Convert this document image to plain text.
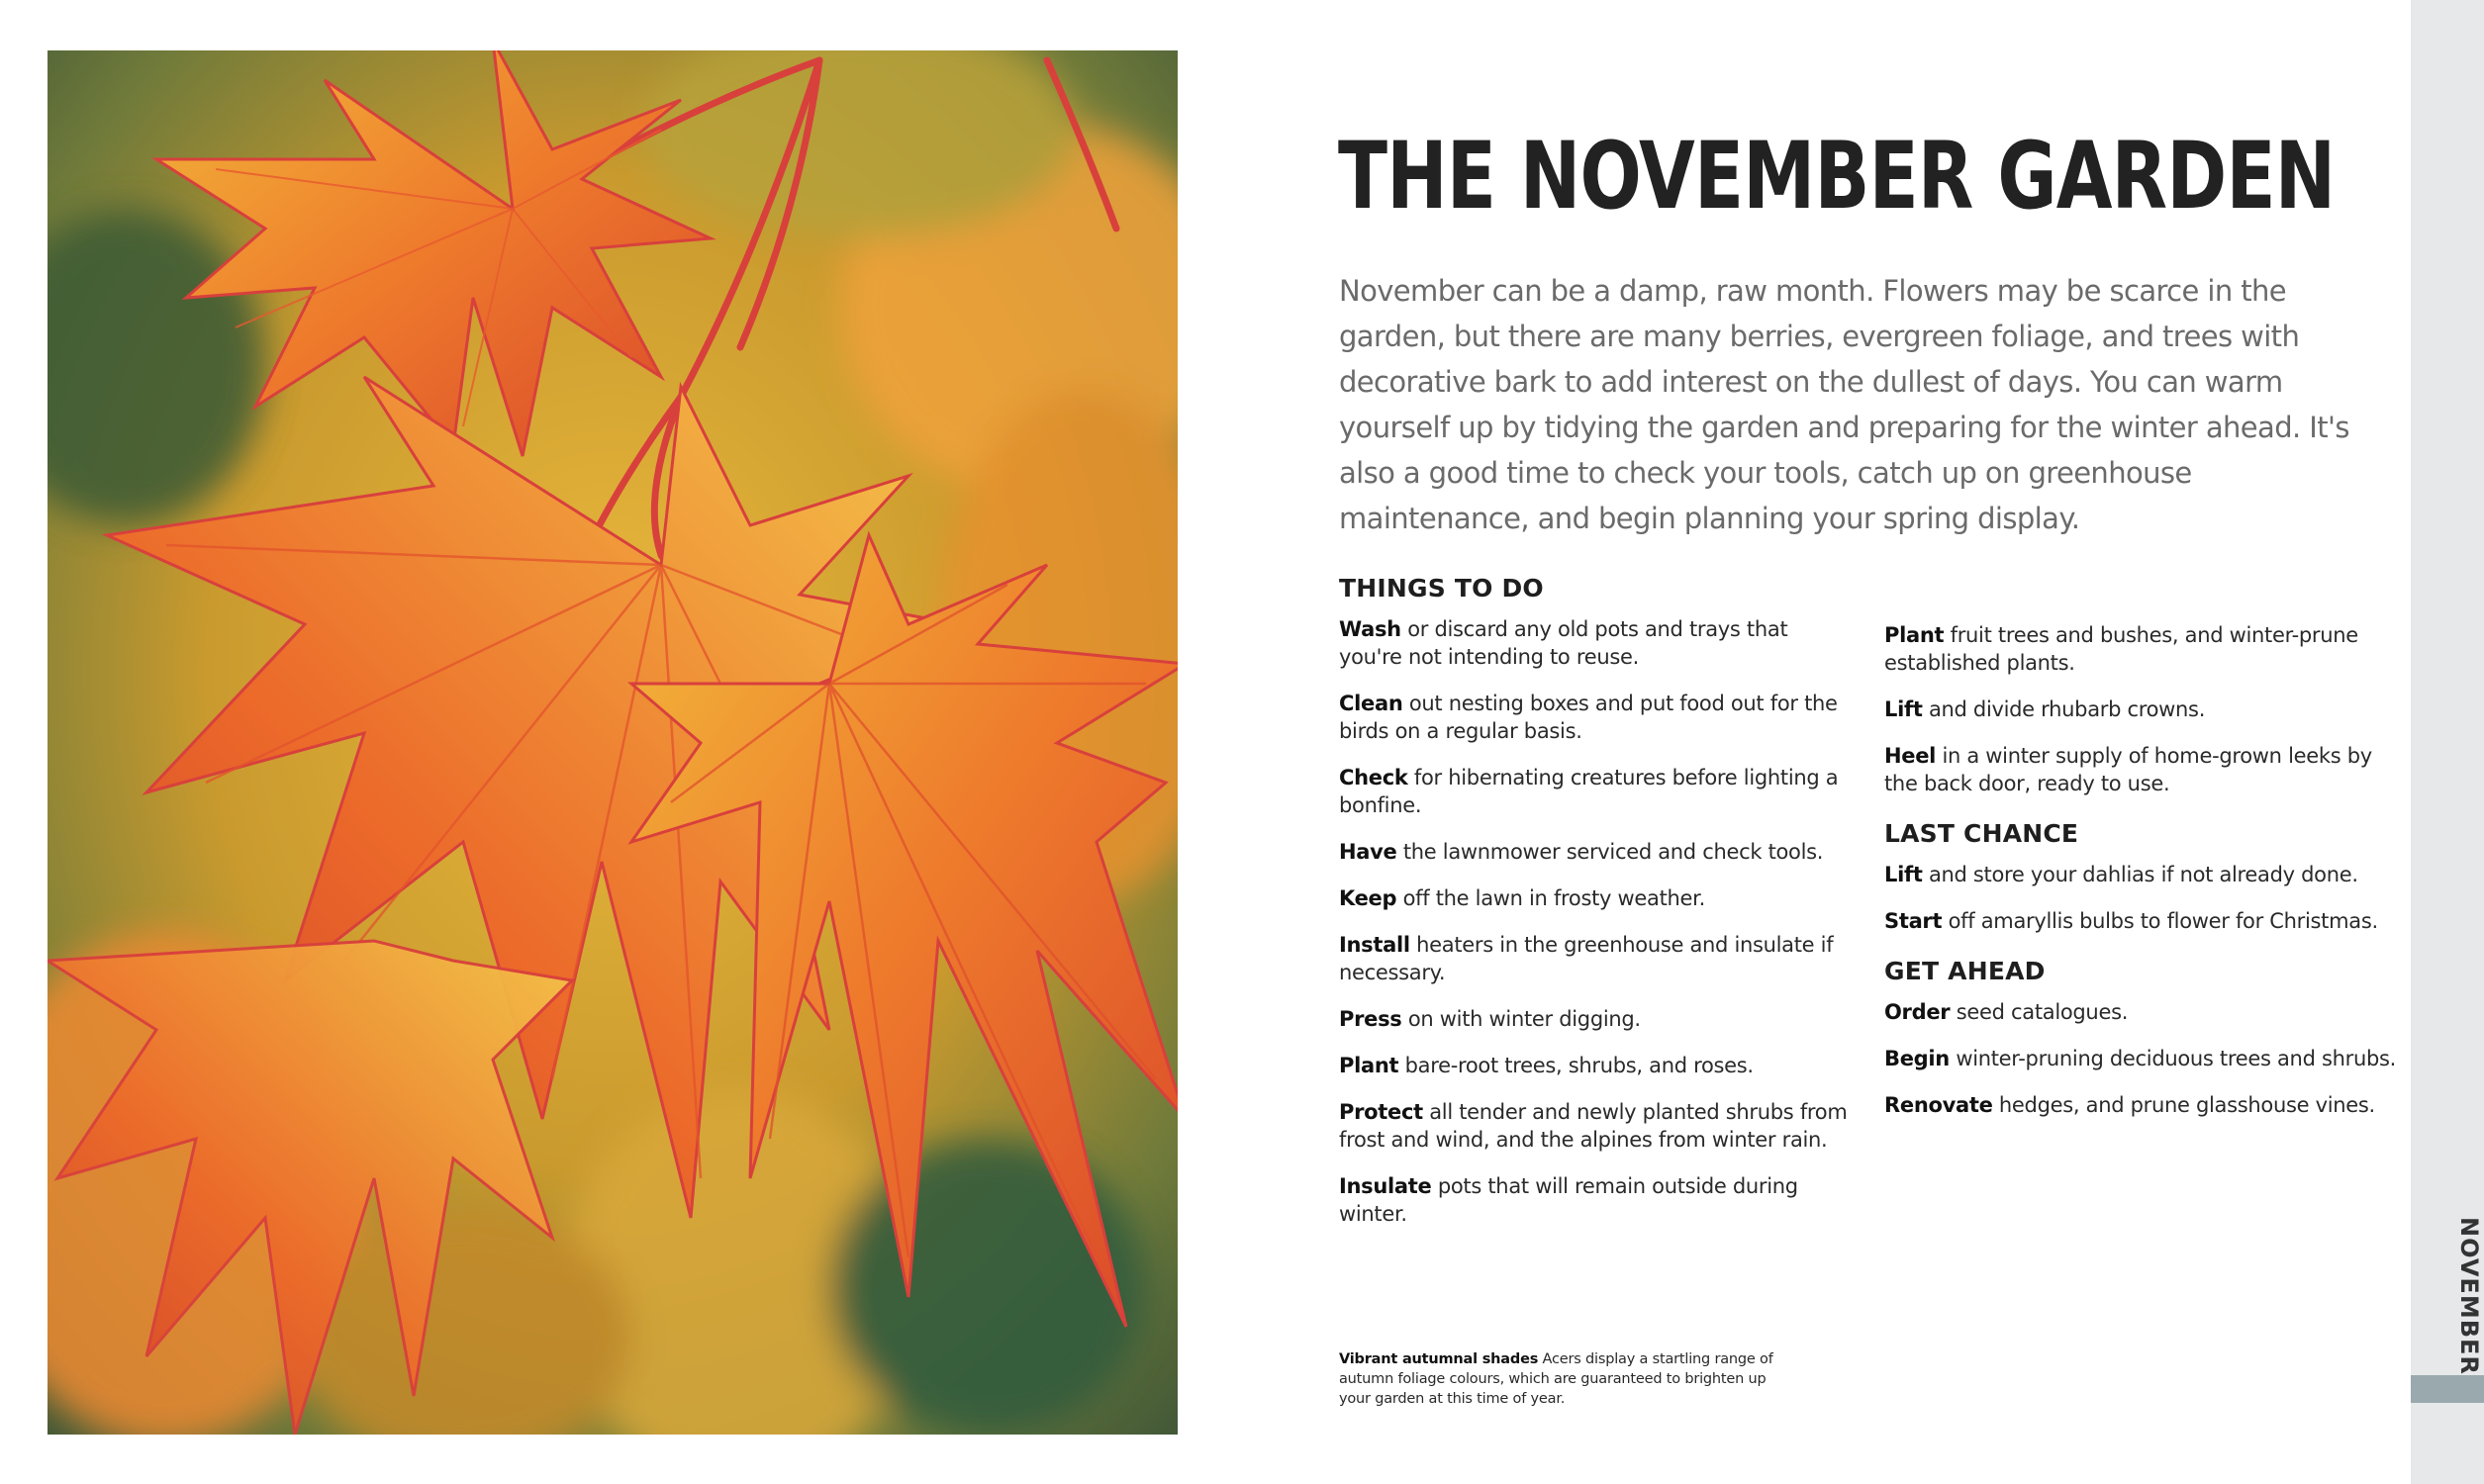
THE NOVEMBER GARDEN

November can be a damp, raw month. Flowers may be scarce in the garden, but there are many berries, evergreen foliage, and trees with decorative bark to add interest on the dullest of days. You can warm yourself up by tidying the garden and preparing for the winter ahead. It's also a good time to check your tools, catch up on greenhouse maintenance, and begin planning your spring display.

THINGS TO DO

Wash or discard any old pots and trays that you're not intending to reuse.

Clean out nesting boxes and put food out for the birds on a regular basis.

Check for hibernating creatures before lighting a bonfine.

Have the lawnmower serviced and check tools.

Keep off the lawn in frosty weather.

Install heaters in the greenhouse and insulate if necessary.

Press on with winter digging.

Plant bare-root trees, shrubs, and roses.

Protect all tender and newly planted shrubs from frost and wind, and the alpines from winter rain.

Insulate pots that will remain outside during winter.

Plant fruit trees and bushes, and winter-prune established plants.

Lift and divide rhubarb crowns.

Heel in a winter supply of home-grown leeks by the back door, ready to use.

LAST CHANCE

Lift and store your dahlias if not already done.

Start off amaryllis bulbs to flower for Christmas.

GET AHEAD

Order seed catalogues.

Begin winter-pruning deciduous trees and shrubs.

Renovate hedges, and prune glasshouse vines.

Vibrant autumnal shades Acers display a startling range of autumn foliage colours, which are guaranteed to brighten up your garden at this time of year.

NOVEMBER
